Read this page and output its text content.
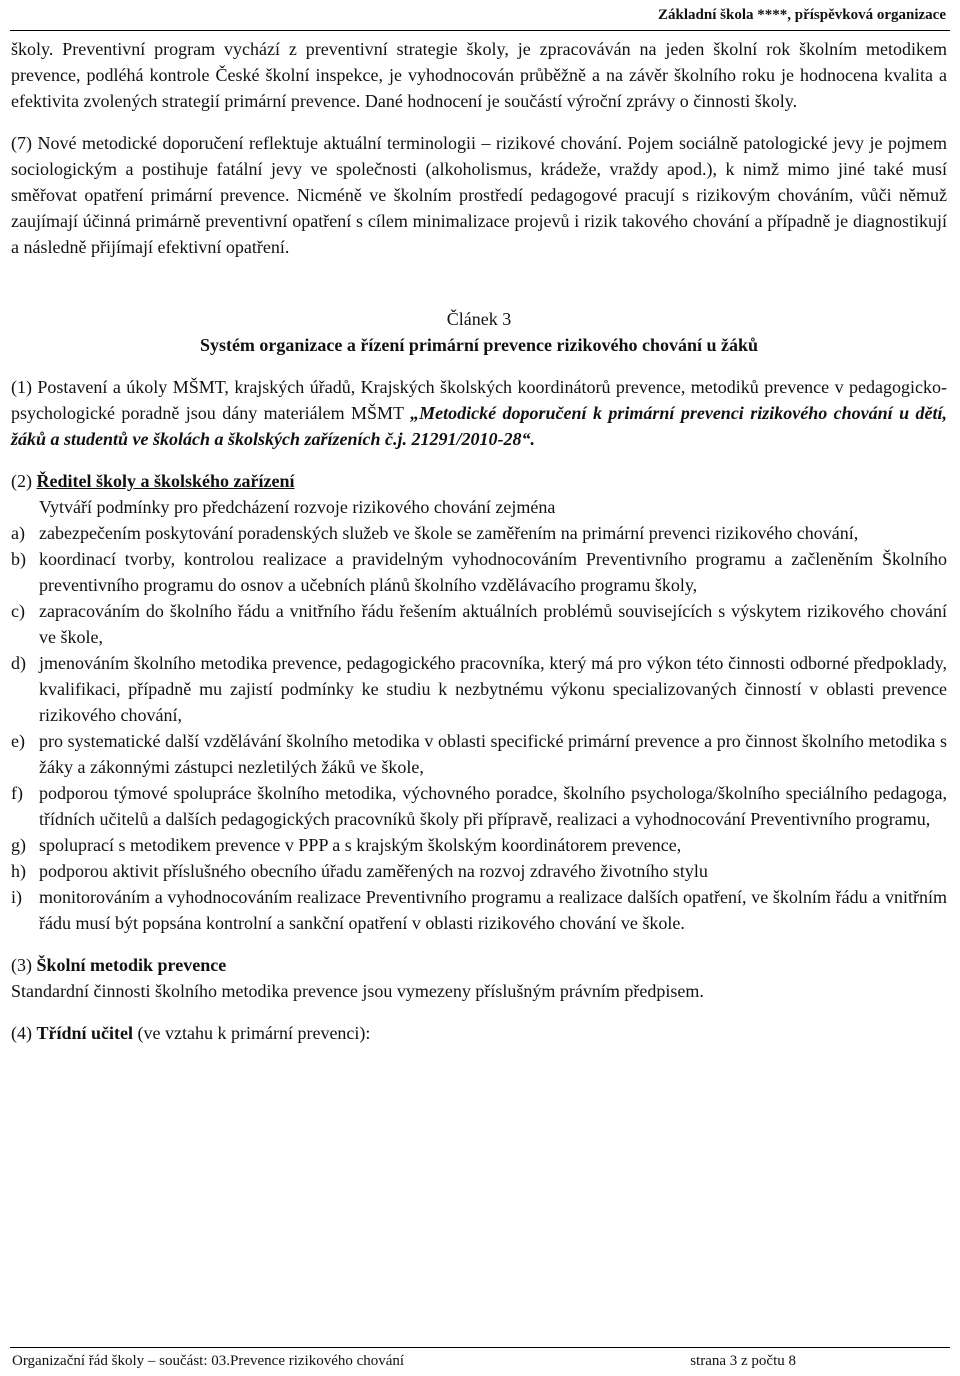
Základní škola ****, příspěvková organizace

školy. Preventivní program vychází z preventivní strategie školy, je zpracováván na jeden školní rok školním metodikem prevence, podléhá kontrole České školní inspekce, je vyhodnocován průběžně a na závěr školního roku je hodnocena kvalita a efektivita zvolených strategií primární prevence. Dané hodnocení je součástí výroční zprávy o činnosti školy.

(7) Nové metodické doporučení reflektuje aktuální terminologii – rizikové chování. Pojem sociálně patologické jevy je pojmem sociologickým a postihuje fatální jevy ve společnosti (alkoholismus, krádeže, vraždy apod.), k nimž mimo jiné také musí směřovat opatření primární prevence. Nicméně ve školním prostředí pedagogové pracují s rizikovým chováním, vůči němuž zaujímají účinná primárně preventivní opatření s cílem minimalizace projevů i rizik takového chování a případně je diagnostikují a následně přijímají efektivní opatření.

Článek 3

Systém organizace a řízení primární prevence rizikového chování u žáků

(1) Postavení a úkoly MŠMT, krajských úřadů, Krajských školských koordinátorů prevence, metodiků prevence v pedagogicko-psychologické poradně jsou dány materiálem MŠMT „Metodické doporučení k primární prevenci rizikového chování u dětí, žáků a studentů ve školách a školských zařízeních č.j. 21291/2010-28“.

(2) Ředitel školy a školského zařízení

Vytváří podmínky pro předcházení rozvoje rizikového chování zejména

a) zabezpečením poskytování poradenských služeb ve škole se zaměřením na primární prevenci rizikového chování,
b) koordinací tvorby, kontrolou realizace a pravidelným vyhodnocováním Preventivního programu a začleněním Školního preventivního programu do osnov a učebních plánů školního vzdělávacího programu školy,
c) zapracováním do školního řádu a vnitřního řádu řešením aktuálních problémů souvisejících s výskytem rizikového chování ve škole,
d) jmenováním školního metodika prevence, pedagogického pracovníka, který má pro výkon této činnosti odborné předpoklady, kvalifikaci, případně mu zajistí podmínky ke studiu k nezbytnému výkonu specializovaných činností v oblasti prevence rizikového chování,
e) pro systematické další vzdělávání školního metodika v oblasti specifické primární prevence a pro činnost školního metodika s žáky a zákonnými zástupci nezletilých žáků ve škole,
f) podporou týmové spolupráce školního metodika, výchovného poradce, školního psychologa/školního speciálního pedagoga, třídních učitelů a dalších pedagogických pracovníků školy při přípravě, realizaci a vyhodnocování Preventivního programu,
g) spoluprací s metodikem prevence v PPP a s krajským školským koordinátorem prevence,
h) podporou aktivit příslušného obecního úřadu zaměřených na rozvoj zdravého životního stylu
i) monitorováním a vyhodnocováním realizace Preventivního programu a realizace dalších opatření, ve školním řádu a vnitřním řádu musí být popsána kontrolní a sankční opatření v oblasti rizikového chování ve škole.

(3) Školní metodik prevence

Standardní činnosti školního metodika prevence jsou vymezeny příslušným právním předpisem.

(4) Třídní učitel (ve vztahu k primární prevenci):

Organizační řád školy – součást: 03.Prevence rizikového chování	strana 3 z počtu 8
